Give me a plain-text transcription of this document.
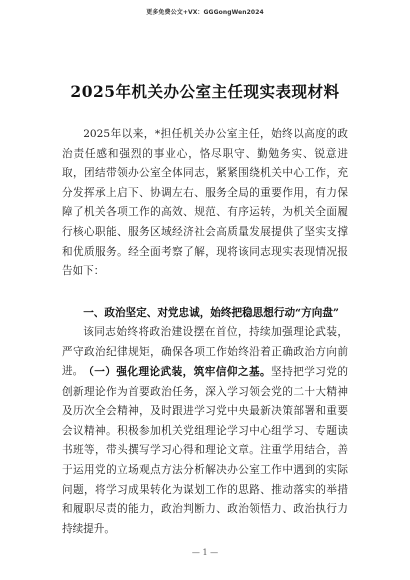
更多免费公文+VX：GGGongWen2024
2025年机关办公室主任现实表现材料

2025年以来，*担任机关办公室主任，始终以高度的政治责任感和强烈的事业心，恪尽职守、勤勉务实、锐意进取，团结带领办公室全体同志，紧紧围绕机关中心工作，充分发挥承上启下、协调左右、服务全局的重要作用，有力保障了机关各项工作的高效、规范、有序运转，为机关全面履行核心职能、服务区域经济社会高质量发展提供了坚实支撑和优质服务。经全面考察了解，现将该同志现实表现情况报告如下：

一、政治坚定、对党忠诚，始终把稳思想行动“方向盘”

该同志始终将政治建设摆在首位，持续加强理论武装，严守政治纪律规矩，确保各项工作始终沿着正确政治方向前进。 （一）强化理论武装，筑牢信仰之基。坚持把学习党的创新理论作为首要政治任务，深入学习领会党的二十大精神及历次全会精神，及时跟进学习党中央最新决策部署和重要会议精神。积极参加机关党组理论学习中心组学习、专题读书班等，带头撰写学习心得和理论文章。注重学用结合，善于运用党的立场观点方法分析解决办公室工作中遇到的实际问题，将学习成果转化为谋划工作的思路、推动落实的举措和履职尽责的能力，政治判断力、政治领悟力、政治执行力持续提升。

— 1 —
